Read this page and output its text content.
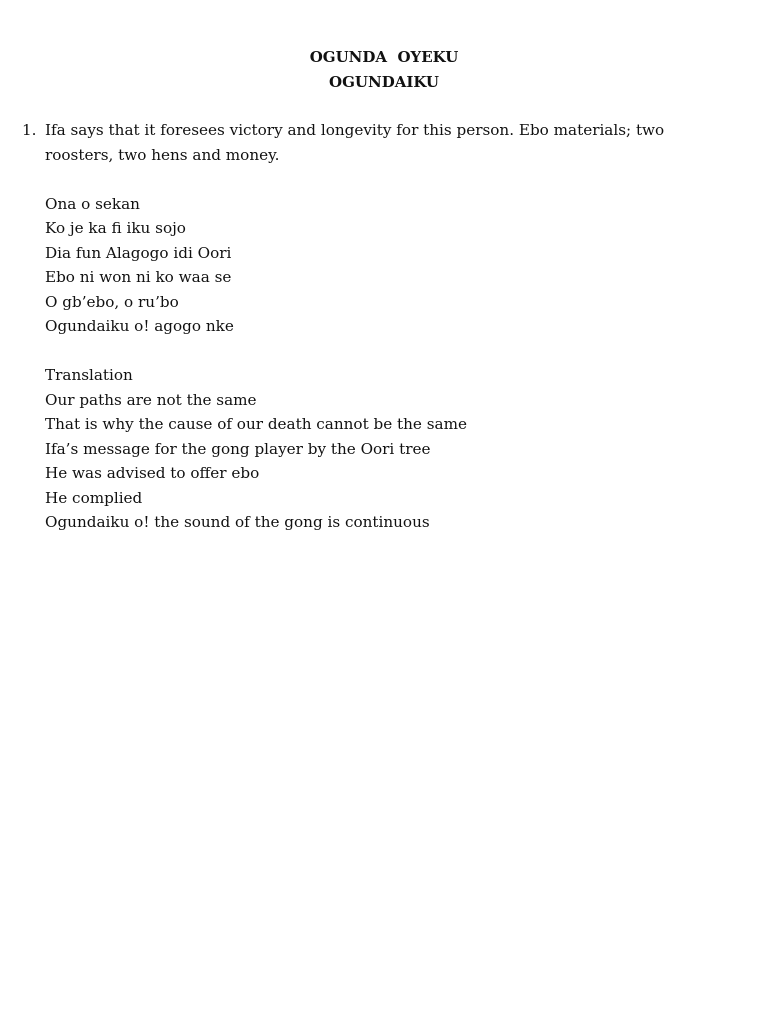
OGUNDA  OYEKU
OGUNDAIKU
1. Ifa says that it foresees victory and longevity for this person. Ebo materials; two roosters, two hens and money.
Ona o sekan
Ko je ka fi iku sojo
Dia fun Alagogo idi Oori
Ebo ni won ni ko waa se
O gb’ebo, o ru’bo
Ogundaiku o! agogo nke
Translation
Our paths are not the same
That is why the cause of our death cannot be the same
Ifa’s message for the gong player by the Oori tree
He was advised to offer ebo
He complied
Ogundaiku o! the sound of the gong is continuous
